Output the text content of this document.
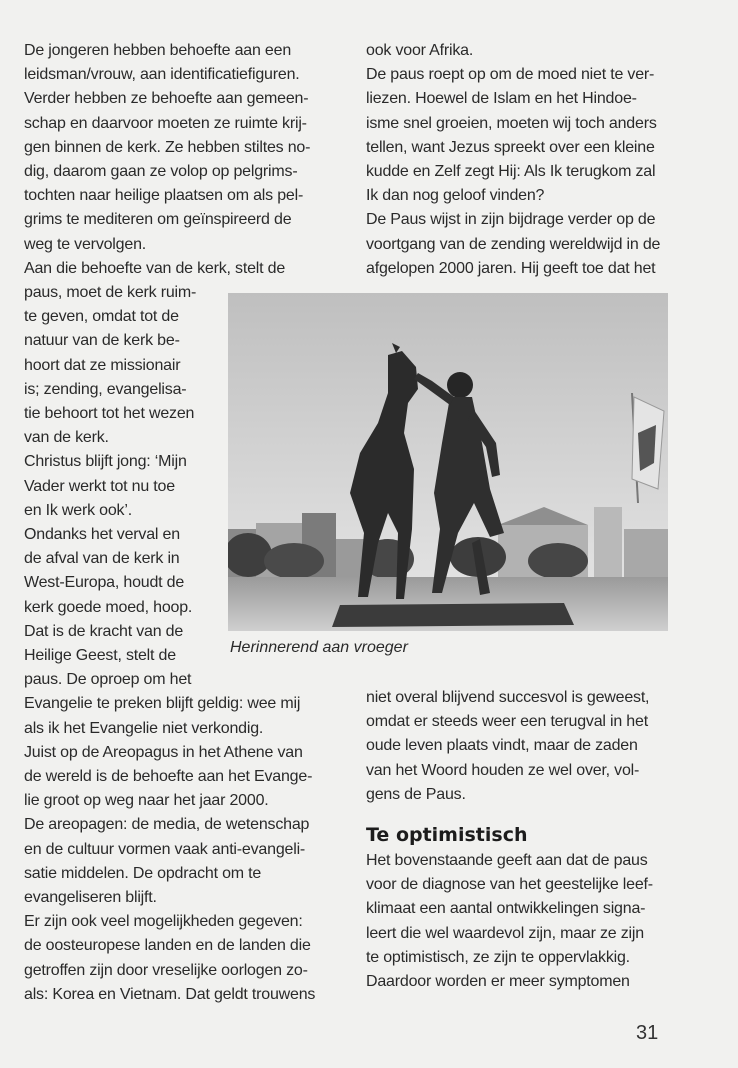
De jongeren hebben behoefte aan een
leidsman/vrouw, aan identificatiefiguren.
Verder hebben ze behoefte aan gemeen-
schap en daarvoor moeten ze ruimte krij-
gen binnen de kerk. Ze hebben stiltes no-
dig, daarom gaan ze volop op pelgrims-
tochten naar heilige plaatsen om als pel-
grims te mediteren om geïnspireerd de
weg te vervolgen.
Aan die behoefte van de kerk, stelt de
paus, moet de kerk ruim-
te geven, omdat tot de
natuur van de kerk be-
hoort dat ze missionair
is; zending, evangelisa-
tie behoort tot het wezen
van de kerk.
Christus blijft jong: ‘Mijn
Vader werkt tot nu toe
en Ik werk ook’.
Ondanks het verval en
de afval van de kerk in
West-Europa, houdt de
kerk goede moed, hoop.
Dat is de kracht van de
Heilige Geest, stelt de
paus. De oproep om het
Evangelie te preken blijft geldig: wee mij
als ik het Evangelie niet verkondig.
Juist op de Areopagus in het Athene van
de wereld is de behoefte aan het Evange-
lie groot op weg naar het jaar 2000.
De areopagen: de media, de wetenschap
en de cultuur vormen vaak anti-evangeli-
satie middelen. De opdracht om te
evangeliseren blijft.
Er zijn ook veel mogelijkheden gegeven:
de oosteuropese landen en de landen die
getroffen zijn door vreselijke oorlogen zo-
als: Korea en Vietnam. Dat geldt trouwens
ook voor Afrika.
De paus roept op om de moed niet te ver-
liezen. Hoewel de Islam en het Hindoe-
isme snel groeien, moeten wij toch anders
tellen, want Jezus spreekt over een kleine
kudde en Zelf zegt Hij: Als Ik terugkom zal
Ik dan nog geloof vinden?
De Paus wijst in zijn bijdrage verder op de
voortgang van de zending wereldwijd in de
afgelopen 2000 jaren. Hij geeft toe dat het
Herinnerend aan vroeger
niet overal blijvend succesvol is geweest,
omdat er steeds weer een terugval in het
oude leven plaats vindt, maar de zaden
van het Woord houden ze wel over, vol-
gens de Paus.
Te optimistisch
Het bovenstaande geeft aan dat de paus
voor de diagnose van het geestelijke leef-
klimaat een aantal ontwikkelingen signa-
leert die wel waardevol zijn, maar ze zijn
te optimistisch, ze zijn te oppervlakkig.
Daardoor worden er meer symptomen
31
